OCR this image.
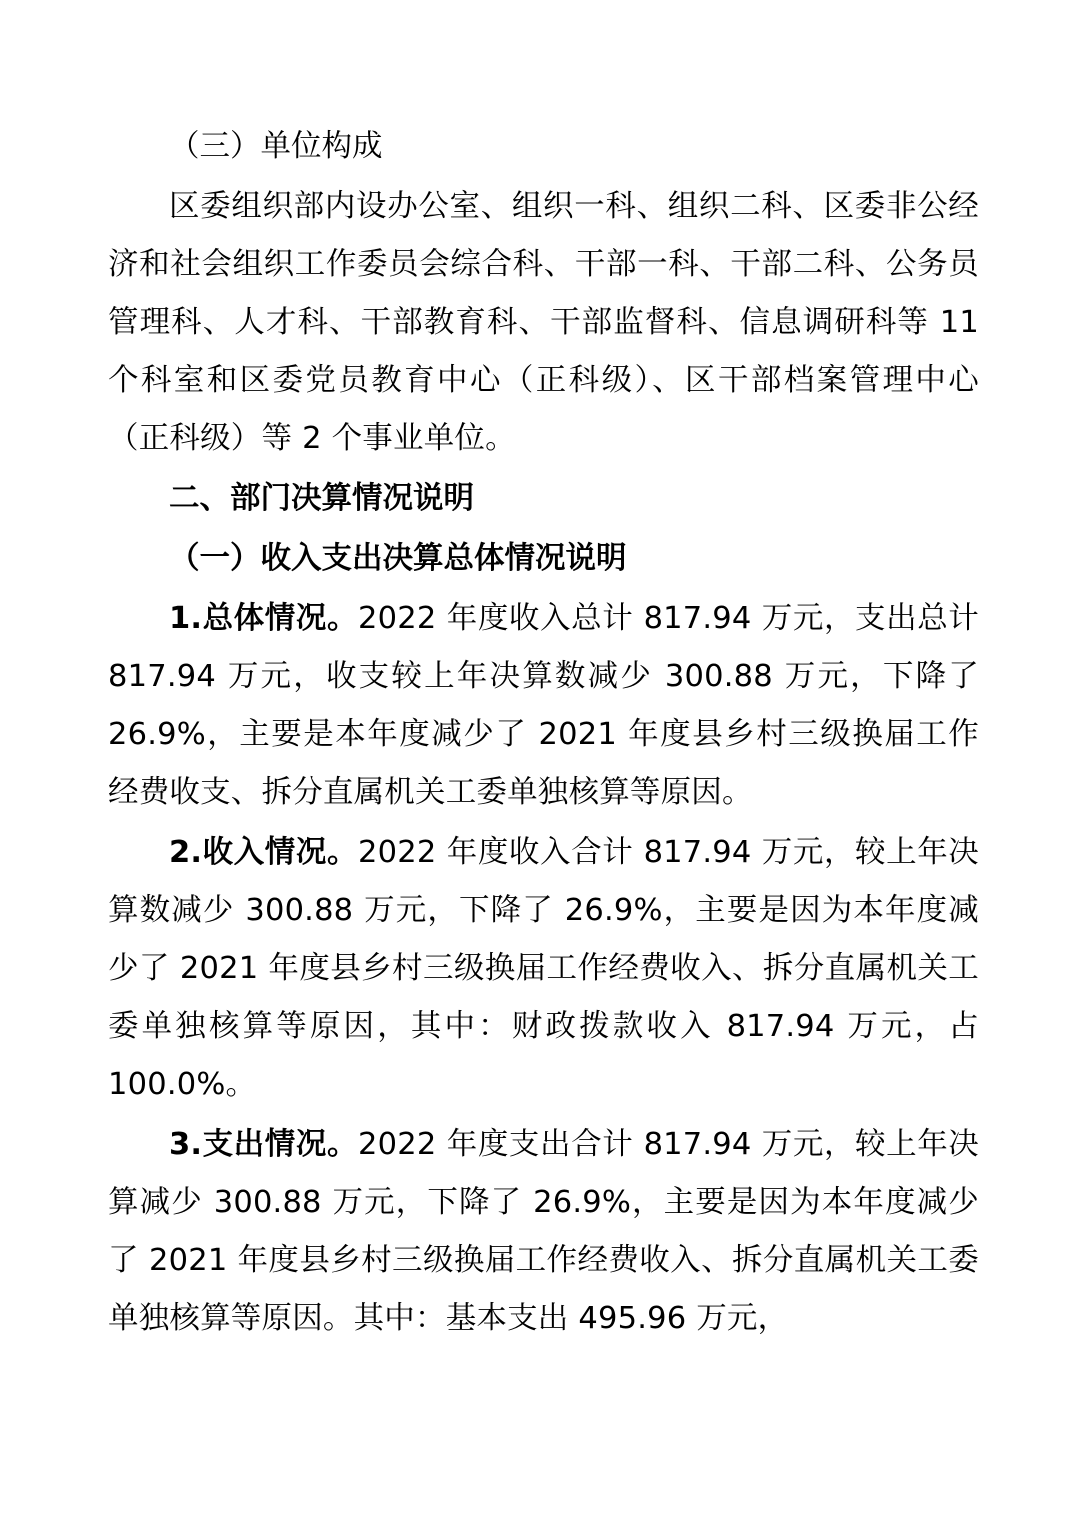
（三）单位构成

区委组织部内设办公室、组织一科、组织二科、区委非公经济和社会组织工作委员会综合科、干部一科、干部二科、公务员管理科、人才科、干部教育科、干部监督科、信息调研科等 11 个科室和区委党员教育中心（正科级）、区干部档案管理中心（正科级）等 2 个事业单位。

二、部门决算情况说明

（一）收入支出决算总体情况说明

1.总体情况。2022 年度收入总计 817.94 万元，支出总计 817.94 万元，收支较上年决算数减少 300.88 万元，下降了 26.9%，主要是本年度减少了 2021 年度县乡村三级换届工作经费收支、拆分直属机关工委单独核算等原因。

2.收入情况。2022 年度收入合计 817.94 万元，较上年决算数减少 300.88 万元，下降了 26.9%，主要是因为本年度减少了 2021 年度县乡村三级换届工作经费收入、拆分直属机关工委单独核算等原因，其中：财政拨款收入 817.94 万元，占 100.0%。

3.支出情况。2022 年度支出合计 817.94 万元，较上年决算减少 300.88 万元，下降了 26.9%，主要是因为本年度减少了 2021 年度县乡村三级换届工作经费收入、拆分直属机关工委单独核算等原因。其中：基本支出 495.96 万元，
